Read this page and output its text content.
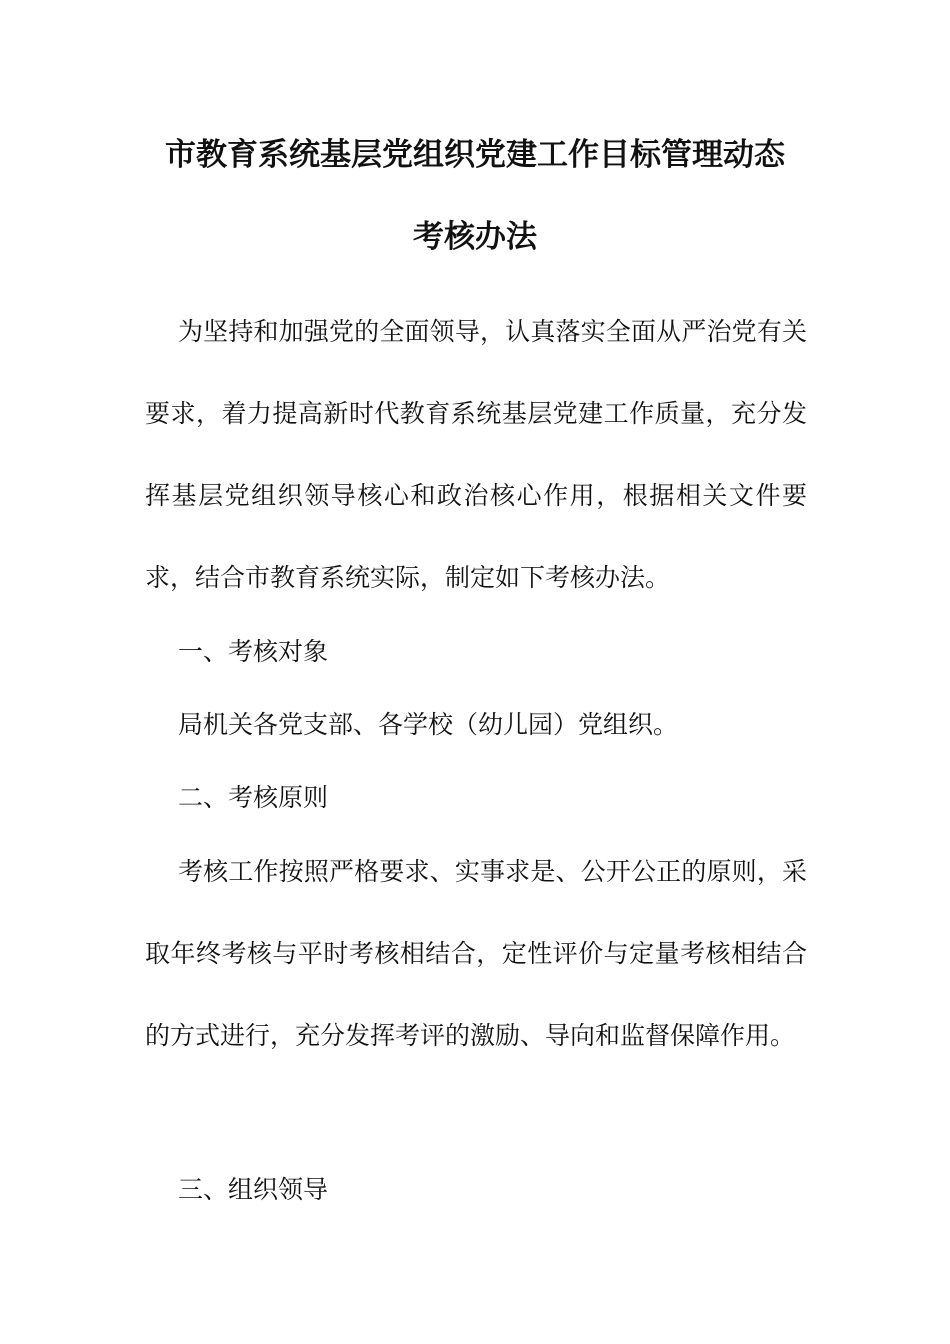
市教育系统基层党组织党建工作目标管理动态
考核办法

为坚持和加强党的全面领导，认真落实全面从严治党有关要求，着力提高新时代教育系统基层党建工作质量，充分发挥基层党组织领导核心和政治核心作用，根据相关文件要求，结合市教育系统实际，制定如下考核办法。

一、考核对象

局机关各党支部、各学校（幼儿园）党组织。

二、考核原则

考核工作按照严格要求、实事求是、公开公正的原则，采取年终考核与平时考核相结合，定性评价与定量考核相结合的方式进行，充分发挥考评的激励、导向和监督保障作用。

三、组织领导
